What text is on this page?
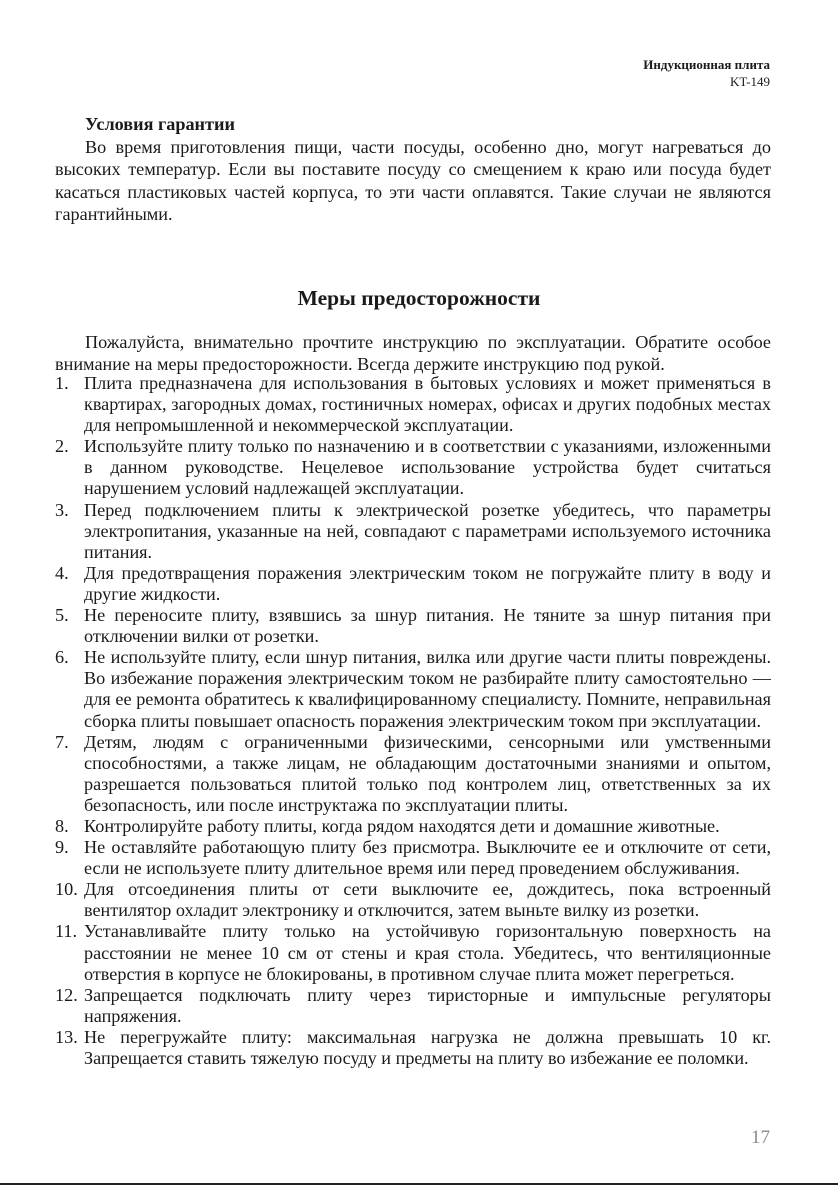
Индукционная плита
KT-149
Условия гарантии

Во время приготовления пищи, части посуды, особенно дно, могут нагреваться до высоких температур. Если вы поставите посуду со смещением к краю или посуда будет касаться пластиковых частей корпуса, то эти части оплавятся. Такие случаи не являются гарантийными.

Меры предосторожности

Пожалуйста, внимательно прочтите инструкцию по эксплуатации. Обратите особое внимание на меры предосторожности. Всегда держите инструкцию под рукой.

1. Плита предназначена для использования в бытовых условиях и может применяться в квартирах, загородных домах, гостиничных номерах, офисах и других подобных местах для непромышленной и некоммерческой эксплуатации.
2. Используйте плиту только по назначению и в соответствии с указаниями, изложенными в данном руководстве. Нецелевое использование устройства будет считаться нарушением условий надлежащей эксплуатации.
3. Перед подключением плиты к электрической розетке убедитесь, что параметры электропитания, указанные на ней, совпадают с параметрами используемого источника питания.
4. Для предотвращения поражения электрическим током не погружайте плиту в воду и другие жидкости.
5. Не переносите плиту, взявшись за шнур питания. Не тяните за шнур питания при отключении вилки от розетки.
6. Не используйте плиту, если шнур питания, вилка или другие части плиты повреждены. Во избежание поражения электрическим током не разбирайте плиту самостоятельно — для ее ремонта обратитесь к квалифицированному специалисту. Помните, неправильная сборка плиты повышает опасность поражения электрическим током при эксплуатации.
7. Детям, людям с ограниченными физическими, сенсорными или умственными способностями, а также лицам, не обладающим достаточными знаниями и опытом, разрешается пользоваться плитой только под контролем лиц, ответственных за их безопасность, или после инструктажа по эксплуатации плиты.
8. Контролируйте работу плиты, когда рядом находятся дети и домашние животные.
9. Не оставляйте работающую плиту без присмотра. Выключите ее и отключите от сети, если не используете плиту длительное время или перед проведением обслуживания.
10. Для отсоединения плиты от сети выключите ее, дождитесь, пока встроенный вентилятор охладит электронику и отключится, затем выньте вилку из розетки.
11. Устанавливайте плиту только на устойчивую горизонтальную поверхность на расстоянии не менее 10 см от стены и края стола. Убедитесь, что вентиляционные отверстия в корпусе не блокированы, в противном случае плита может перегреться.
12. Запрещается подключать плиту через тиристорные и импульсные регуляторы напряжения.
13. Не перегружайте плиту: максимальная нагрузка не должна превышать 10 кг. Запрещается ставить тяжелую посуду и предметы на плиту во избежание ее поломки.
17
